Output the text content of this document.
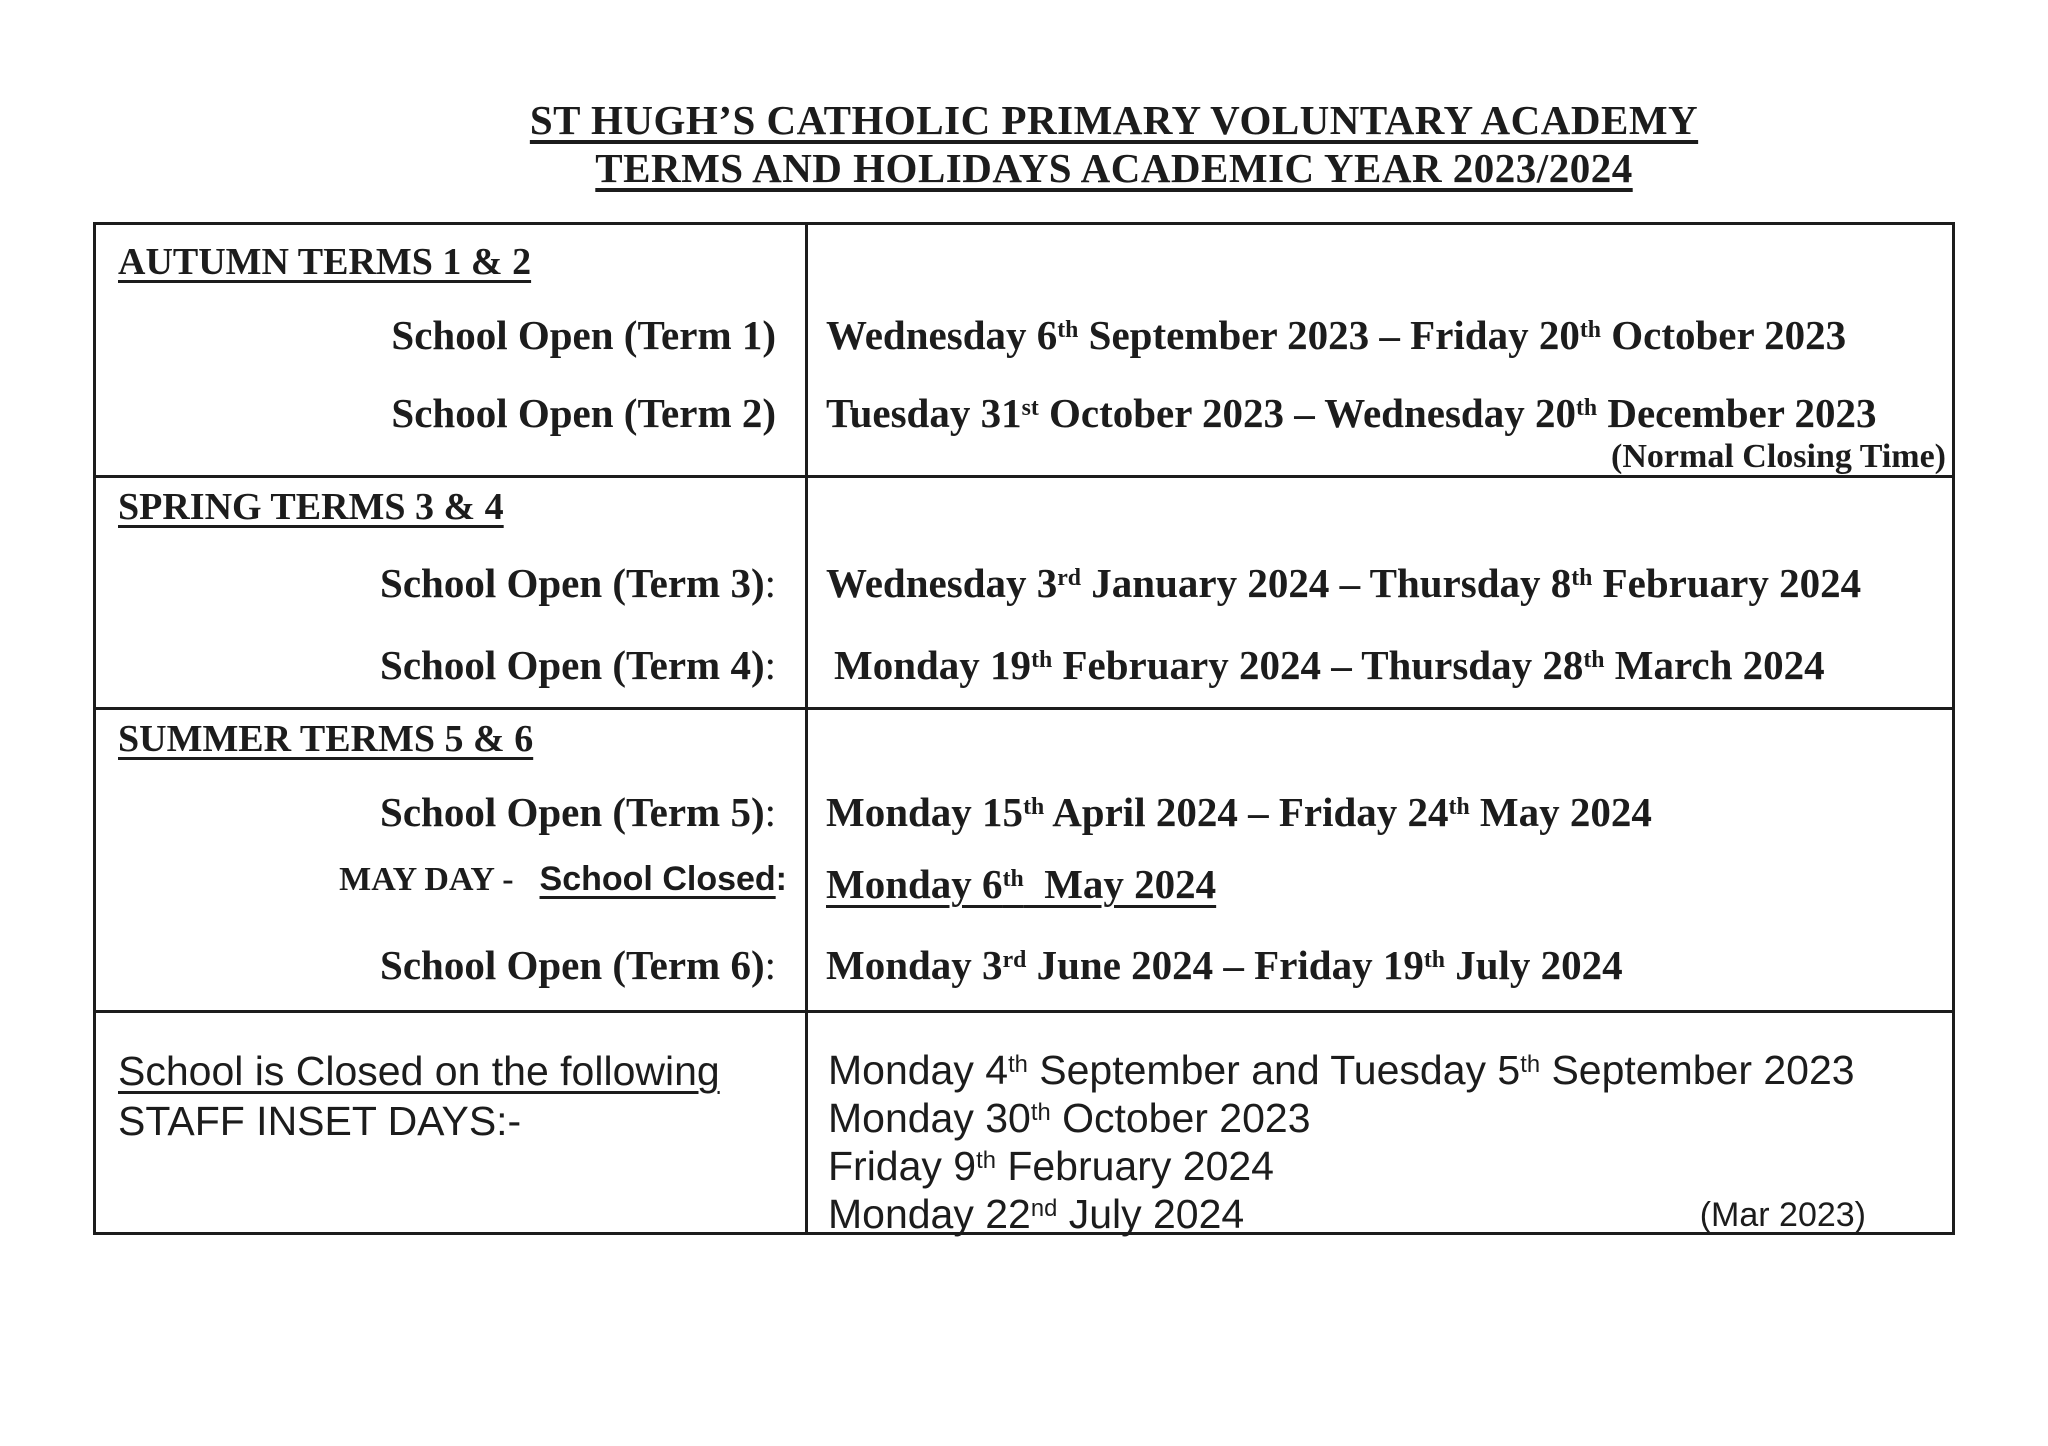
ST HUGH’S CATHOLIC PRIMARY VOLUNTARY ACADEMY
TERMS AND HOLIDAYS ACADEMIC YEAR 2023/2024
AUTUMN TERMS 1 & 2
School Open (Term 1)
School Open (Term 2)
Wednesday 6th September 2023 – Friday 20th October 2023
Tuesday 31st October 2023 – Wednesday 20th December 2023
(Normal Closing Time)
SPRING TERMS 3 & 4
School Open (Term 3):
School Open (Term 4):
Wednesday 3rd January 2024 – Thursday 8th February 2024
Monday 19th February 2024 – Thursday 28th March 2024
SUMMER TERMS 5 & 6
School Open (Term 5):
MAY DAY - School Closed:
School Open (Term 6):
Monday 15th April 2024 – Friday 24th May 2024
Monday 6th  May 2024
Monday 3rd June 2024 – Friday 19th July 2024
School is Closed on the following
STAFF INSET DAYS:-
Monday 4th September and Tuesday 5th September 2023
Monday 30th October 2023
Friday 9th February 2024
Monday 22nd July 2024	(Mar 2023)
